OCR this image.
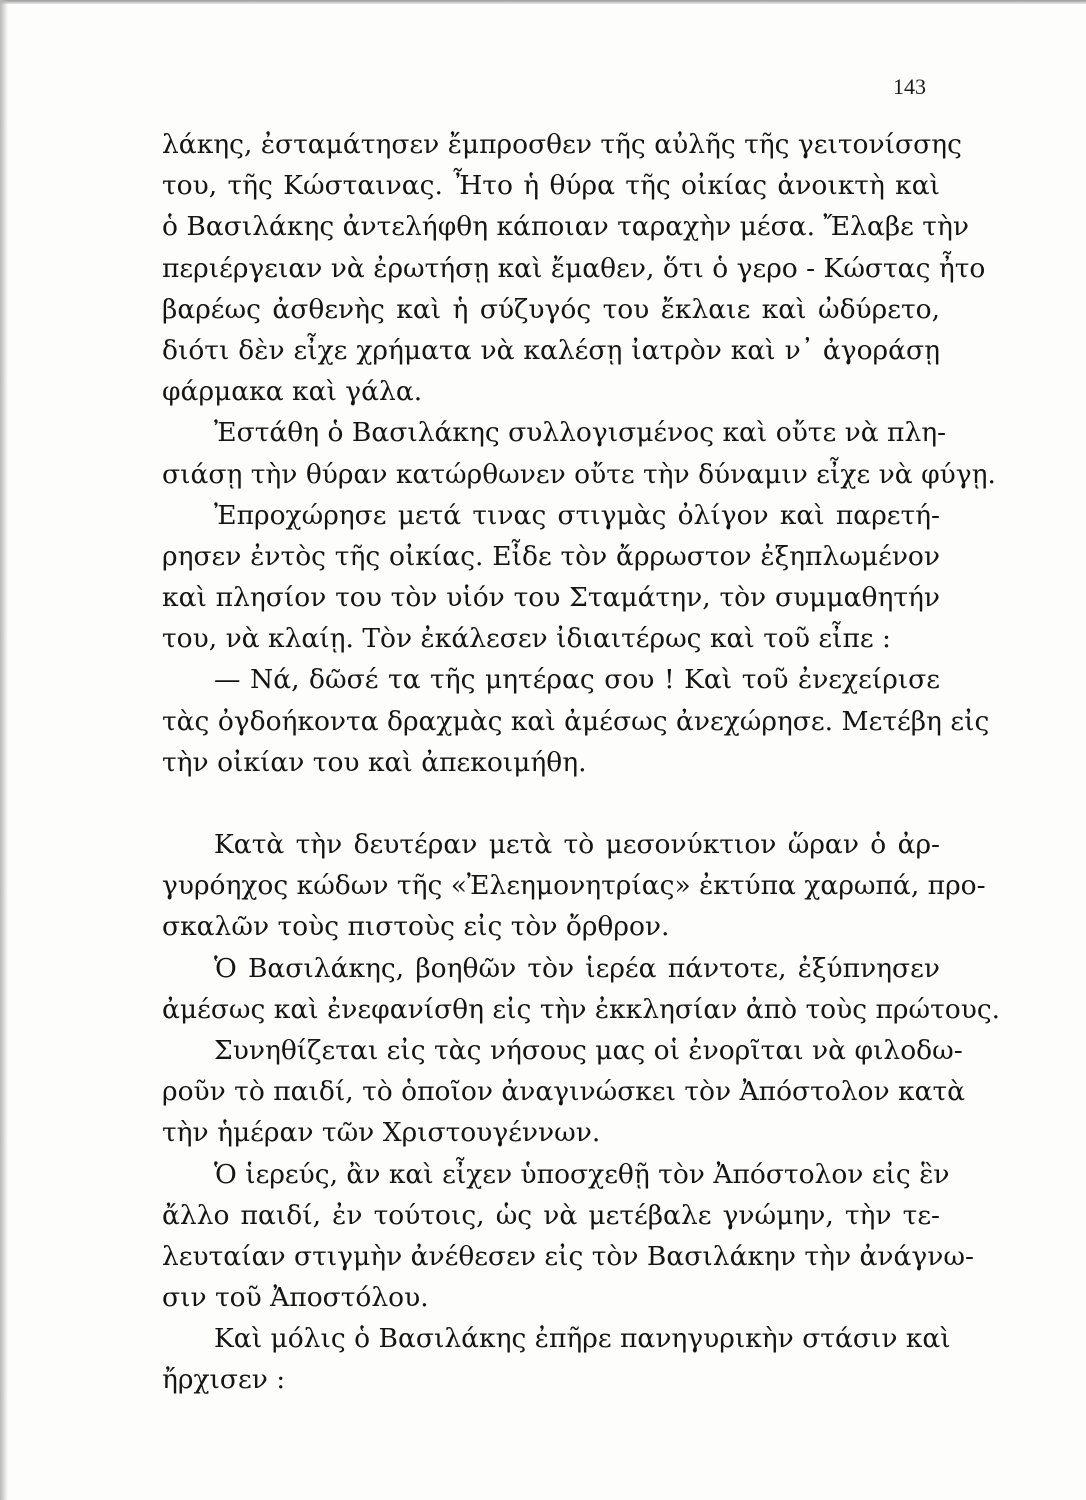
143
λάκης, ἐσταμάτησεν ἔμπροσθεν τῆς αὐλῆς τῆς γειτονίσσης
του, τῆς Κώσταινας. Ἦτο ἡ θύρα τῆς οἰκίας ἀνοικτὴ καὶ
ὁ Βασιλάκης ἀντελήφθη κάποιαν ταραχὴν μέσα. Ἔλαβε τὴν
περιέργειαν νὰ ἐρωτήσῃ καὶ ἔμαθεν, ὅτι ὁ γερο - Κώστας ἦτο
βαρέως ἀσθενὴς καὶ ἡ σύζυγός του ἔκλαιε καὶ ὠδύρετο,
διότι δὲν εἶχε χρήματα νὰ καλέσῃ ἰατρὸν καὶ ν᾽ ἀγοράσῃ
φάρμακα καὶ γάλα.
Ἐστάθη ὁ Βασιλάκης συλλογισμένος καὶ οὔτε νὰ πλη-
σιάσῃ τὴν θύραν κατώρθωνεν οὔτε τὴν δύναμιν εἶχε νὰ φύγῃ.
Ἐπροχώρησε μετά τινας στιγμὰς ὀλίγον καὶ παρετή-
ρησεν ἐντὸς τῆς οἰκίας. Εἶδε τὸν ἄρρωστον ἐξηπλωμένον
καὶ πλησίον του τὸν υἱόν του Σταμάτην, τὸν συμμαθητήν
του, νὰ κλαίῃ. Τὸν ἐκάλεσεν ἰδιαιτέρως καὶ τοῦ εἶπε :
— Νά, δῶσέ τα τῆς μητέρας σου ! Καὶ τοῦ ἐνεχείρισε
τὰς ὀγδοήκοντα δραχμὰς καὶ ἀμέσως ἀνεχώρησε. Μετέβη εἰς
τὴν οἰκίαν του καὶ ἀπεκοιμήθη.
Κατὰ τὴν δευτέραν μετὰ τὸ μεσονύκτιον ὥραν ὁ ἀρ-
γυρόηχος κώδων τῆς «Ἐλεημονητρίας» ἐκτύπα χαρωπά, προ-
σκαλῶν τοὺς πιστοὺς εἰς τὸν ὄρθρον.
Ὁ Βασιλάκης, βοηθῶν τὸν ἱερέα πάντοτε, ἐξύπνησεν
ἀμέσως καὶ ἐνεφανίσθη εἰς τὴν ἐκκλησίαν ἀπὸ τοὺς πρώτους.
Συνηθίζεται εἰς τὰς νήσους μας οἱ ἐνορῖται νὰ φιλοδω-
ροῦν τὸ παιδί, τὸ ὁποῖον ἀναγινώσκει τὸν Ἀπόστολον κατὰ
τὴν ἡμέραν τῶν Χριστουγέννων.
Ὁ ἱερεύς, ἂν καὶ εἶχεν ὑποσχεθῇ τὸν Ἀπόστολον εἰς ἓν
ἄλλο παιδί, ἐν τούτοις, ὡς νὰ μετέβαλε γνώμην, τὴν τε-
λευταίαν στιγμὴν ἀνέθεσεν εἰς τὸν Βασιλάκην τὴν ἀνάγνω-
σιν τοῦ Ἀποστόλου.
Καὶ μόλις ὁ Βασιλάκης ἐπῆρε πανηγυρικὴν στάσιν καὶ
ἤρχισεν :
